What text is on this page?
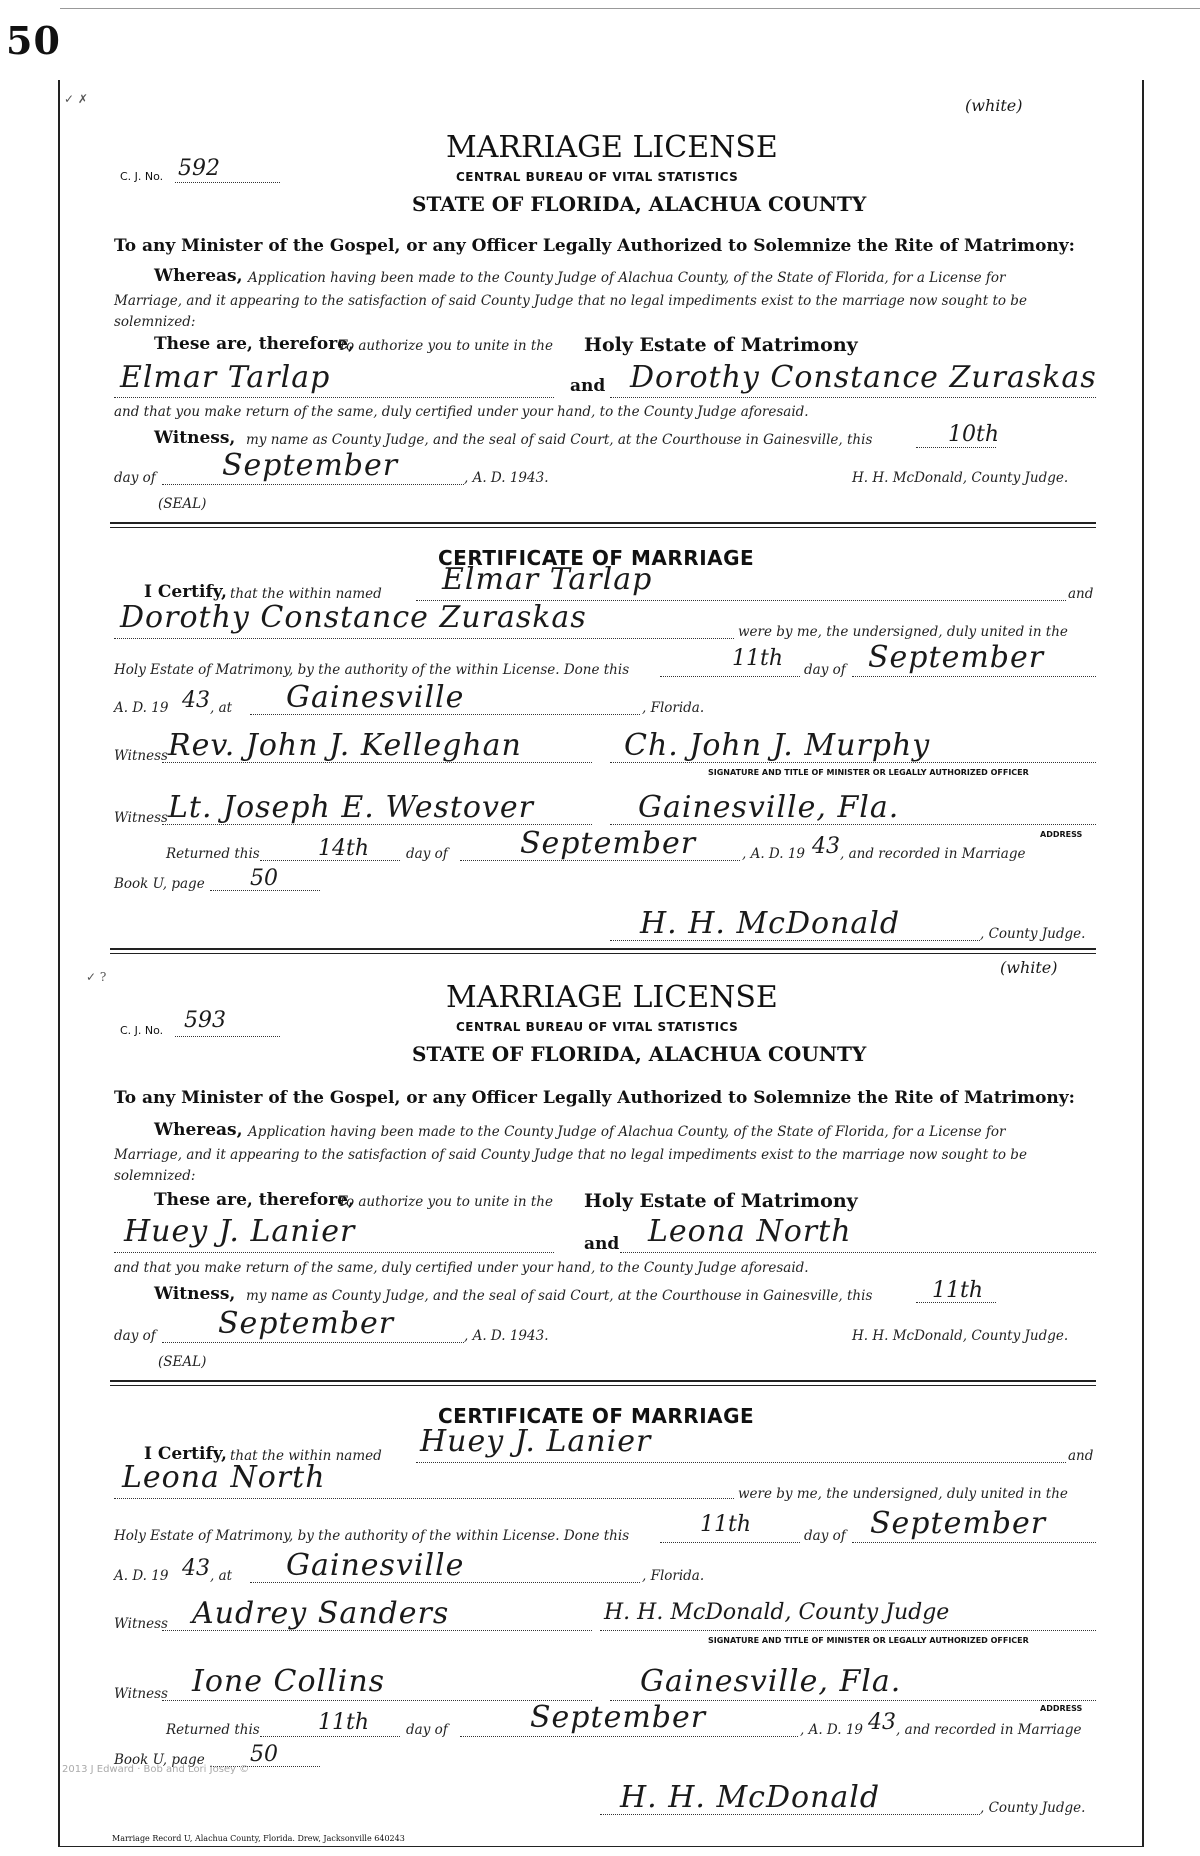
50
✓ ✗
✓ ?
(white)
MARRIAGE LICENSE
C. J. No. 592	CENTRAL BUREAU OF VITAL STATISTICS
STATE OF FLORIDA, ALACHUA COUNTY
To any Minister of the Gospel, or any Officer Legally Authorized to Solemnize the Rite of Matrimony:
Whereas, Application having been made to the County Judge of Alachua County, of the State of Florida, for a License for
Marriage, and it appearing to the satisfaction of said County Judge that no legal impediments exist to the marriage now sought to be
solemnized:
These are, therefore,
To authorize you to unite in the Holy Estate of Matrimony
Elmar Tarlap	and Dorothy Constance Zuraskas
and that you make return of the same, duly certified under your hand, to the County Judge aforesaid.
Witness, my name as County Judge, and the seal of said Court, at the Courthouse in Gainesville, this	10th
day of September	, A. D. 1943.	H. H. McDonald, County Judge.
(SEAL)
CERTIFICATE OF MARRIAGE
I Certify, that the within named Elmar Tarlap	and
Dorothy Constance Zuraskas	were by me, the undersigned, duly united in the
Holy Estate of Matrimony, by the authority of the within License. Done this	11th day of September
A. D. 19 43 , at Gainesville	, Florida.
Witness Rev. John J. Kelleghan	Ch. John J. Murphy
SIGNATURE AND TITLE OF MINISTER OR LEGALLY AUTHORIZED OFFICER
Witness Lt. Joseph E. Westover	Gainesville, Fla.
ADDRESS
Returned this	14th	day of September	, A. D. 19 43 , and recorded in Marriage
Book U, page 50
H. H. McDonald	, County Judge.
(white)
MARRIAGE LICENSE
C. J. No. 593	CENTRAL BUREAU OF VITAL STATISTICS
STATE OF FLORIDA, ALACHUA COUNTY
To any Minister of the Gospel, or any Officer Legally Authorized to Solemnize the Rite of Matrimony:
Whereas, Application having been made to the County Judge of Alachua County, of the State of Florida, for a License for
Marriage, and it appearing to the satisfaction of said County Judge that no legal impediments exist to the marriage now sought to be
solemnized:
These are, therefore,
To authorize you to unite in the Holy Estate of Matrimony
Huey J. Lanier	and Leona North
and that you make return of the same, duly certified under your hand, to the County Judge aforesaid.
Witness, my name as County Judge, and the seal of said Court, at the Courthouse in Gainesville, this	11th
day of September	, A. D. 1943.	H. H. McDonald, County Judge.
(SEAL)
CERTIFICATE OF MARRIAGE
I Certify, that the within named Huey J. Lanier	and
Leona North	were by me, the undersigned, duly united in the
Holy Estate of Matrimony, by the authority of the within License. Done this	11th	day of September
A. D. 19 43 , at Gainesville	, Florida.
Witness Audrey Sanders	H. H. McDonald, County Judge
SIGNATURE AND TITLE OF MINISTER OR LEGALLY AUTHORIZED OFFICER
Witness Ione Collins	Gainesville, Fla.
ADDRESS
Returned this	11th	day of	September	, A. D. 19 43 , and recorded in Marriage
Book U, page 50
H. H. McDonald	, County Judge.
2013 J Edward · Bob and Lori Josey ©
Marriage Record U, Alachua County, Florida. Drew, Jacksonville 640243
